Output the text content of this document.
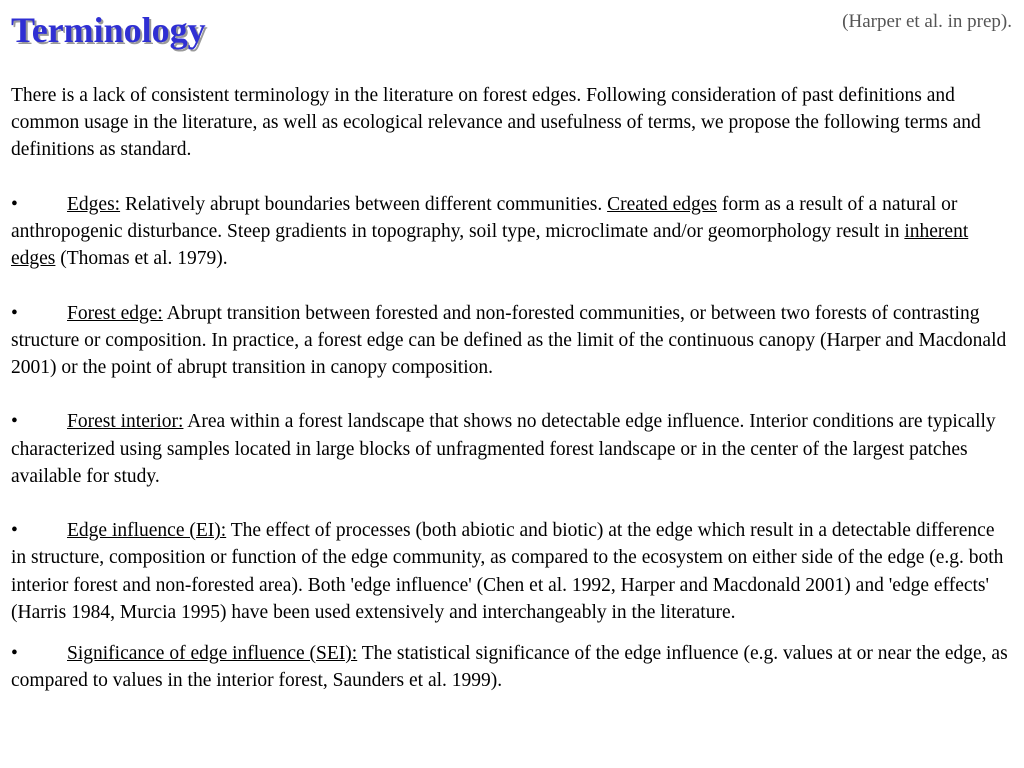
Terminology	(Harper et al. in prep).

There is a lack of consistent terminology in the literature on forest edges. Following consideration of past definitions and common usage in the literature, as well as ecological relevance and usefulness of terms, we propose the following terms and definitions as standard.

•	Edges: Relatively abrupt boundaries between different communities. Created edges form as a result of a natural or anthropogenic disturbance. Steep gradients in topography, soil type, microclimate and/or geomorphology result in inherent edges (Thomas et al. 1979).

•	Forest edge: Abrupt transition between forested and non-forested communities, or between two forests of contrasting structure or composition. In practice, a forest edge can be defined as the limit of the continuous canopy (Harper and Macdonald 2001) or the point of abrupt transition in canopy composition.

•	Forest interior: Area within a forest landscape that shows no detectable edge influence. Interior conditions are typically characterized using samples located in large blocks of unfragmented forest landscape or in the center of the largest patches available for study.

•	Edge influence (EI): The effect of processes (both abiotic and biotic) at the edge which result in a detectable difference in structure, composition or function of the edge community, as compared to the ecosystem on either side of the edge (e.g. both interior forest and non-forested area). Both 'edge influence' (Chen et al. 1992, Harper and Macdonald 2001) and 'edge effects' (Harris 1984, Murcia 1995) have been used extensively and interchangeably in the literature.

•	Significance of edge influence (SEI): The statistical significance of the edge influence (e.g. values at or near the edge, as compared to values in the interior forest, Saunders et al. 1999).
